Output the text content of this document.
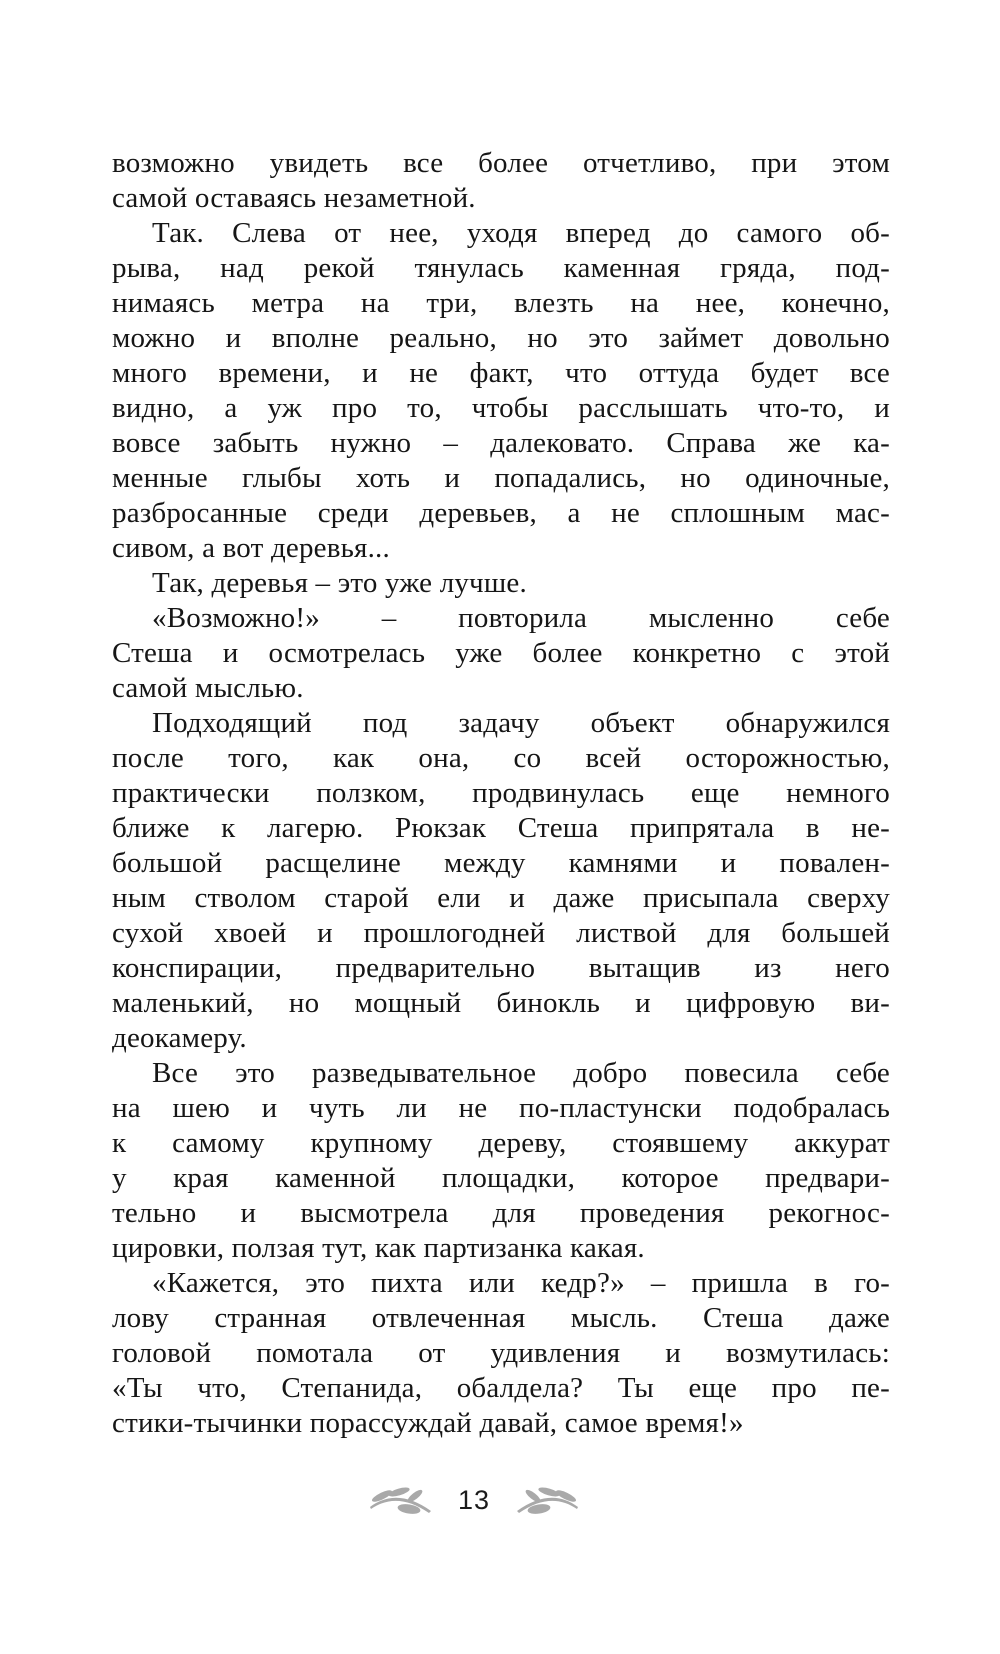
возможно увидеть все более отчетливо, при этом
самой оставаясь незаметной.
Так. Слева от нее, уходя вперед до самого об-
рыва, над рекой тянулась каменная гряда, под-
нимаясь метра на три, влезть на нее, конечно,
можно и вполне реально, но это займет довольно
много времени, и не факт, что оттуда будет все
видно, а уж про то, чтобы расслышать что-то, и
вовсе забыть нужно – далековато. Справа же ка-
менные глыбы хоть и попадались, но одиночные,
разбросанные среди деревьев, а не сплошным мас-
сивом, а вот деревья...
Так, деревья – это уже лучше.
«Возможно!» – повторила мысленно себе
Стеша и осмотрелась уже более конкретно с этой
самой мыслью.
Подходящий под задачу объект обнаружился
после того, как она, со всей осторожностью,
практически ползком, продвинулась еще немного
ближе к лагерю. Рюкзак Стеша припрятала в не-
большой расщелине между камнями и повален-
ным стволом старой ели и даже присыпала сверху
сухой хвоей и прошлогодней листвой для большей
конспирации, предварительно вытащив из него
маленький, но мощный бинокль и цифровую ви-
деокамеру.
Все это разведывательное добро повесила себе
на шею и чуть ли не по-пластунски подобралась
к самому крупному дереву, стоявшему аккурат
у края каменной площадки, которое предвари-
тельно и высмотрела для проведения рекогнос-
цировки, ползая тут, как партизанка какая.
«Кажется, это пихта или кедр?» – пришла в го-
лову странная отвлеченная мысль. Стеша даже
головой помотала от удивления и возмутилась:
«Ты что, Степанида, обалдела? Ты еще про пе-
стики-тычинки порассуждай давай, самое время!»
13
